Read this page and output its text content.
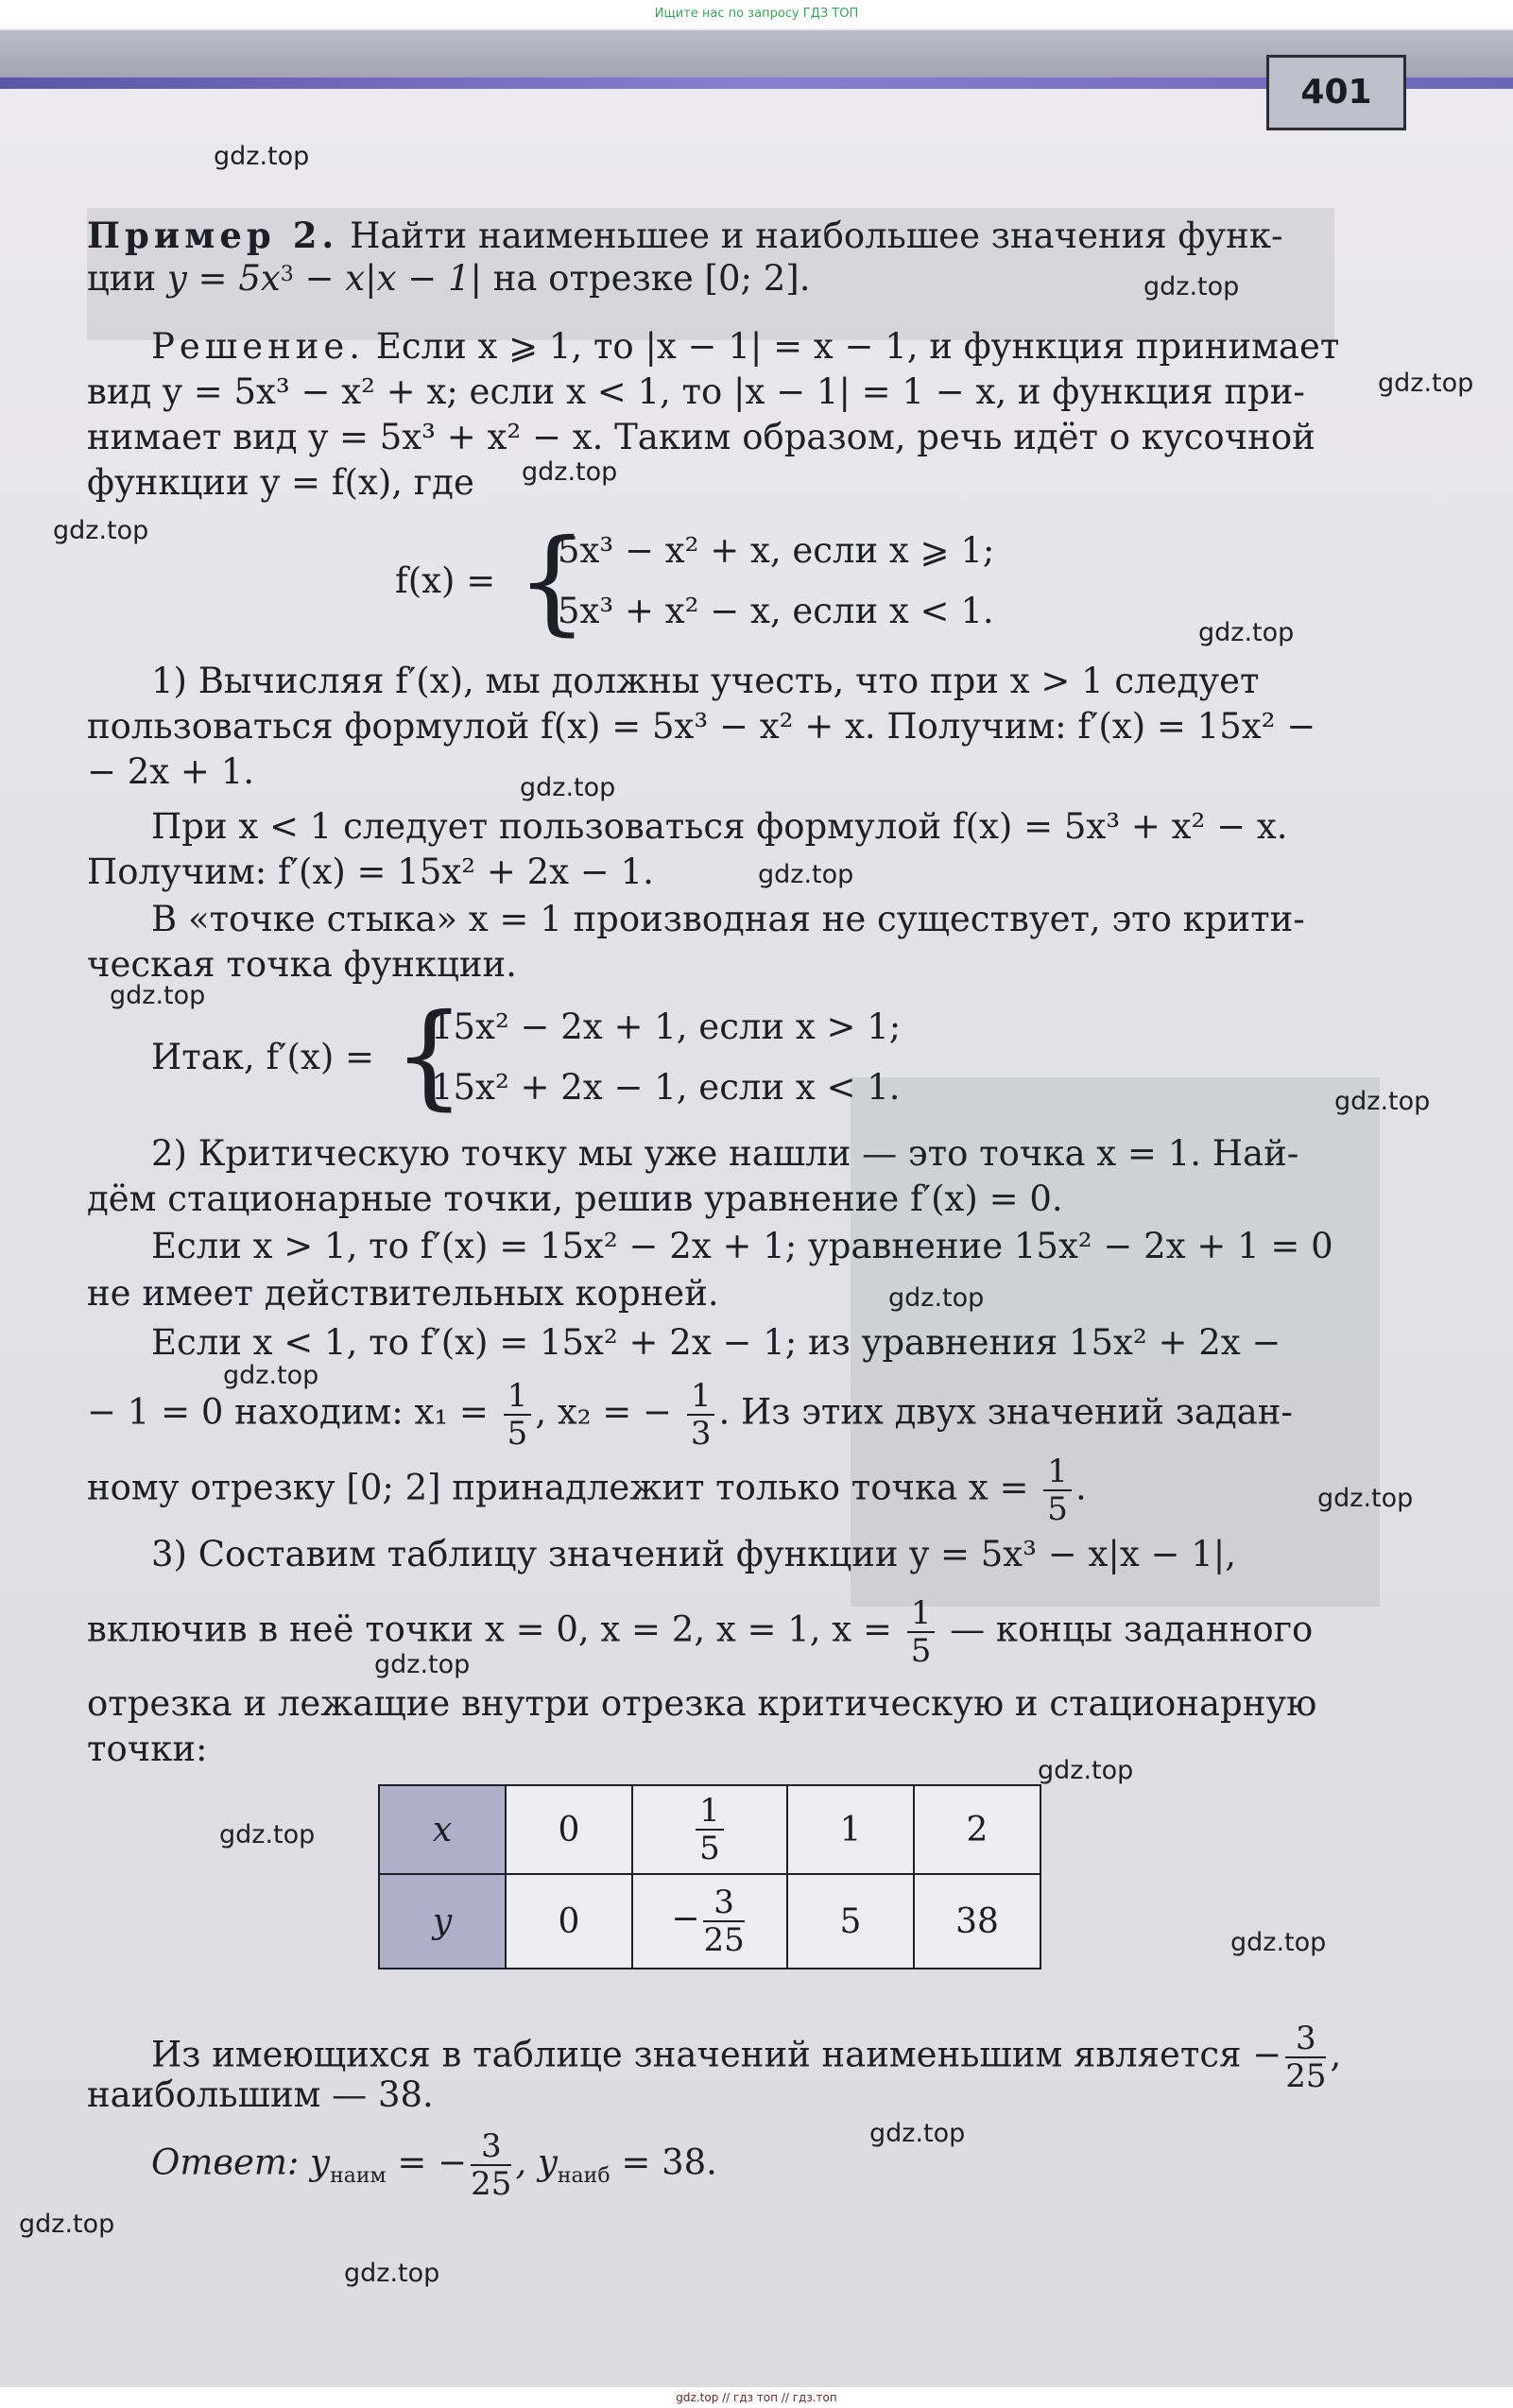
Ищите нас по запросу ГДЗ ТОП
401
Пример 2. Найти наименьшее и наибольшее значения функ-
ции $y = 5x^3 - x|x - 1|$ на отрезке [0; 2].
Решение. Если x ⩾ 1, то |x − 1| = x − 1, и функция принимает
вид y = 5x³ − x² + x; если x < 1, то |x − 1| = 1 − x, и функция при-
нимает вид y = 5x³ + x² − x. Таким образом, речь идёт о кусочной
функции y = f(x), где
f(x) = {
5x³ − x² + x, если x ⩾ 1;
5x³ + x² − x, если x < 1.
1) Вычисляя f′(x), мы должны учесть, что при x > 1 следует
пользоваться формулой f(x) = 5x³ − x² + x. Получим: f′(x) = 15x² −
− 2x + 1.
При x < 1 следует пользоваться формулой f(x) = 5x³ + x² − x.
Получим: f′(x) = 15x² + 2x − 1.
В «точке стыка» x = 1 производная не существует, это крити-
ческая точка функции.
Итак, f′(x) = {
15x² − 2x + 1, если x > 1;
15x² + 2x − 1, если x < 1.
2) Критическую точку мы уже нашли — это точка x = 1. Най-
дём стационарные точки, решив уравнение f′(x) = 0.
Если x > 1, то f′(x) = 15x² − 2x + 1; уравнение 15x² − 2x + 1 = 0
не имеет действительных корней.
Если x < 1, то f′(x) = 15x² + 2x − 1; из уравнения 15x² + 2x −
− 1 = 0 находим: $x_1 = \frac{1}{5}$ , x₂ = − $\frac{1}{3}$ . Из этих двух значений задан-
ному отрезку [0; 2] принадлежит только точка $x = \frac{1}{5}$ .
3) Составим таблицу значений функции y = 5x³ − x|x − 1|,
включив в неё точки x = 0, x = 2, x = 1, $x = \frac{1}{5}$ — концы заданного
отрезка и лежащие внутри отрезка критическую и стационарную
точки:
x	0	$\frac{1}{5}$	1	2
y	0	− $\frac{3}{25}$	5	38
Из имеющихся в таблице значений наименьшим является − $\frac{3}{25}$ ,
наибольшим — 38.
Ответ: yнаим = − $\frac{3}{25}$ , yнаиб = 38.
gdz.top
gdz.top
gdz.top
gdz.top
gdz.top
gdz.top
gdz.top
gdz.top
gdz.top
gdz.top
gdz.top
gdz.top
gdz.top
gdz.top
gdz.top
gdz.top
gdz.top
gdz.top
gdz.top
gdz.top
gdz.top // гдз топ // гдз.топ
